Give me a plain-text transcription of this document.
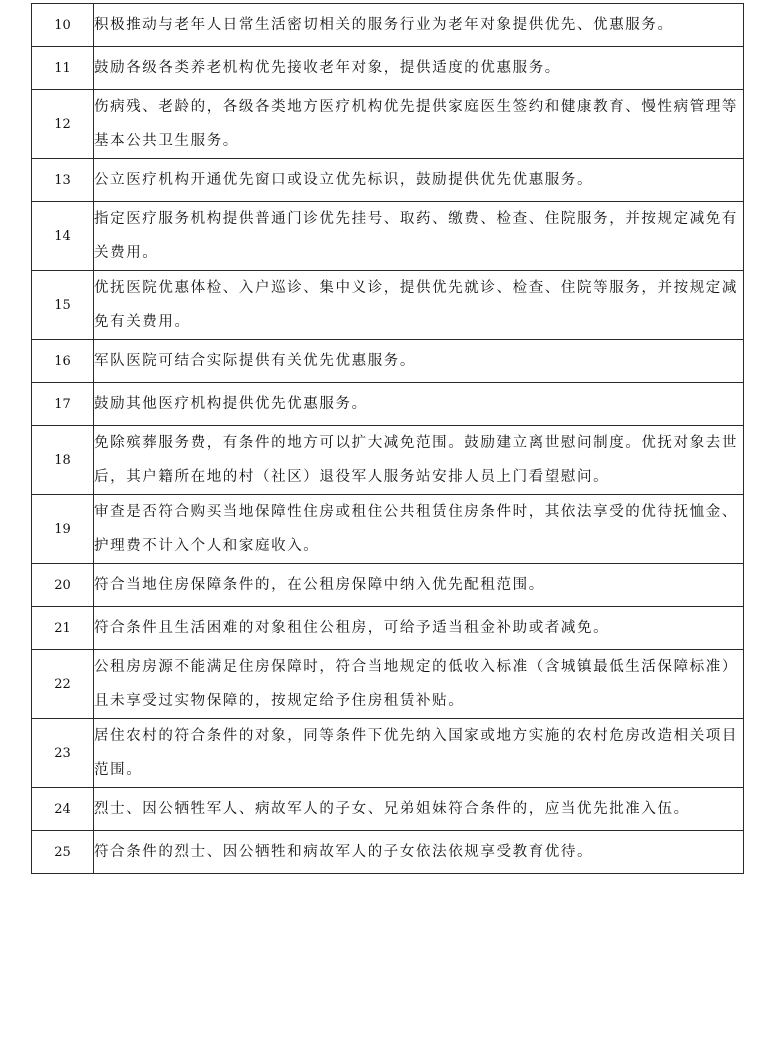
10	积极推动与老年人日常生活密切相关的服务行业为老年对象提供优先、优惠服务。
11	鼓励各级各类养老机构优先接收老年对象，提供适度的优惠服务。
12	伤病残、老龄的，各级各类地方医疗机构优先提供家庭医生签约和健康教育、慢性病管理等基本公共卫生服务。
13	公立医疗机构开通优先窗口或设立优先标识，鼓励提供优先优惠服务。
14	指定医疗服务机构提供普通门诊优先挂号、取药、缴费、检查、住院服务，并按规定减免有关费用。
15	优抚医院优惠体检、入户巡诊、集中义诊，提供优先就诊、检查、住院等服务，并按规定减免有关费用。
16	军队医院可结合实际提供有关优先优惠服务。
17	鼓励其他医疗机构提供优先优惠服务。
18	免除殡葬服务费，有条件的地方可以扩大减免范围。鼓励建立离世慰问制度。优抚对象去世后，其户籍所在地的村（社区）退役军人服务站安排人员上门看望慰问。
19	审查是否符合购买当地保障性住房或租住公共租赁住房条件时，其依法享受的优待抚恤金、护理费不计入个人和家庭收入。
20	符合当地住房保障条件的，在公租房保障中纳入优先配租范围。
21	符合条件且生活困难的对象租住公租房，可给予适当租金补助或者减免。
22	公租房房源不能满足住房保障时，符合当地规定的低收入标准（含城镇最低生活保障标准）且未享受过实物保障的，按规定给予住房租赁补贴。
23	居住农村的符合条件的对象，同等条件下优先纳入国家或地方实施的农村危房改造相关项目范围。
24	烈士、因公牺牲军人、病故军人的子女、兄弟姐妹符合条件的，应当优先批准入伍。
25	符合条件的烈士、因公牺牲和病故军人的子女依法依规享受教育优待。
